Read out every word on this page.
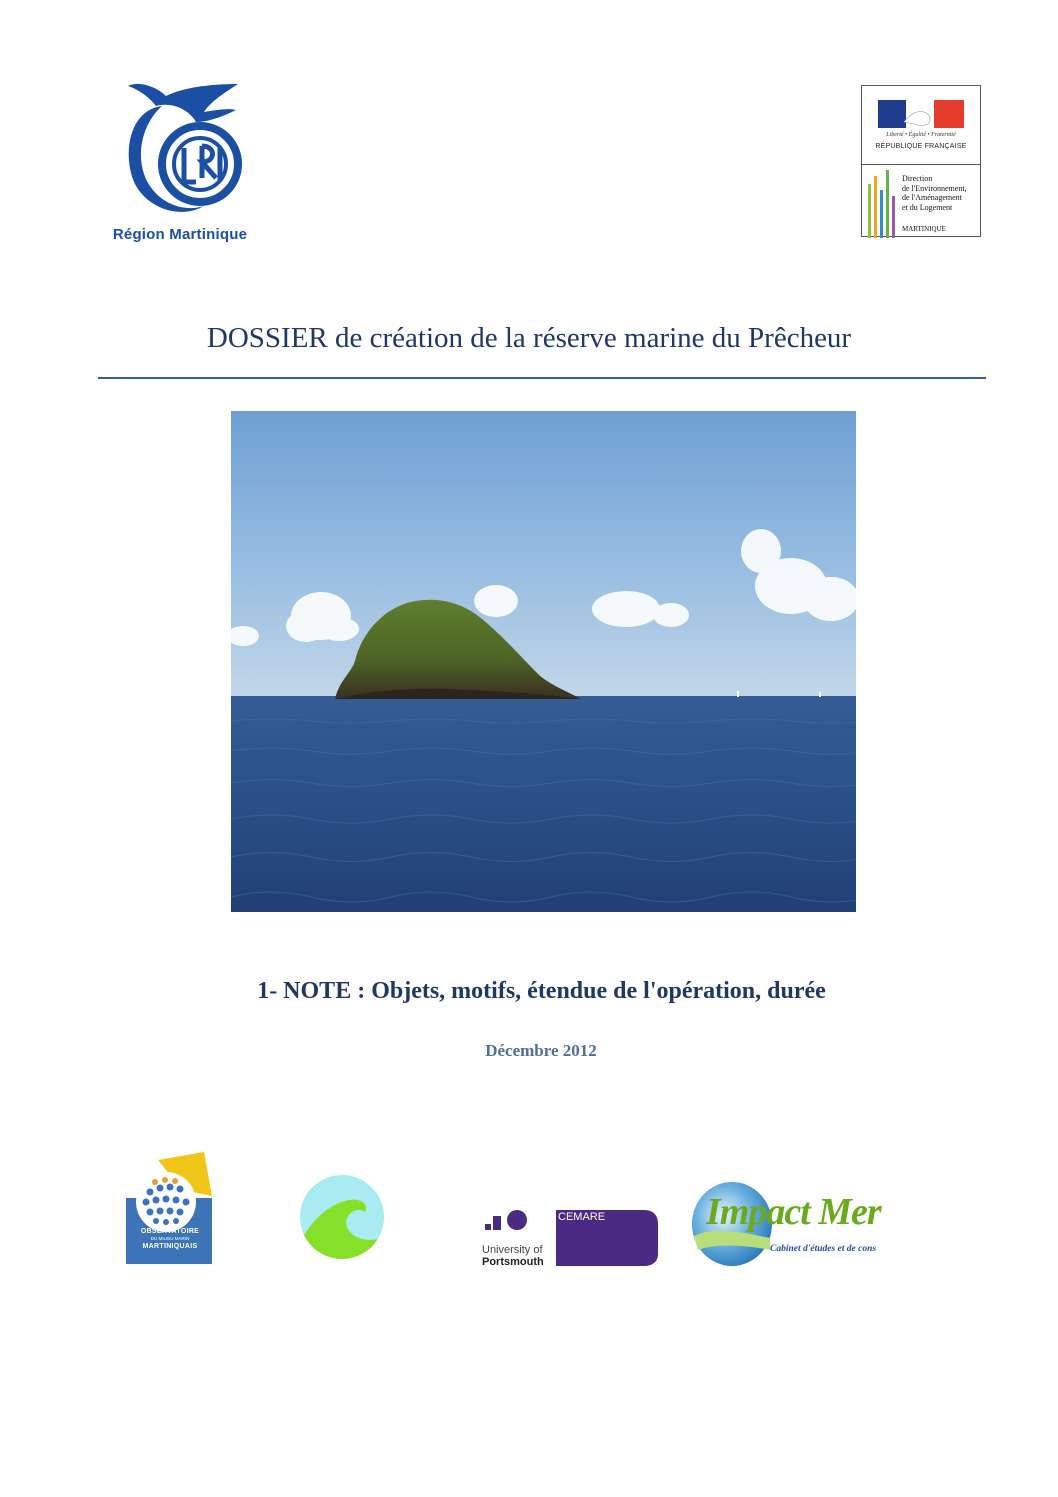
Région Martinique
Liberté • Égalité • Fraternité
RÉPUBLIQUE FRANÇAISE
Direction
de l'Environnement,
de l'Aménagement
et du Logement
MARTINIQUE
DOSSIER de création de la réserve marine du Prêcheur
1- NOTE : Objets, motifs, étendue de l'opération, durée
Décembre 2012
OBSERVATOIRE
DU MILIEU MARIN
MARTINIQUAIS
CEMARE
University of
Portsmouth
Impact Mer
Cabinet d'études et de cons
